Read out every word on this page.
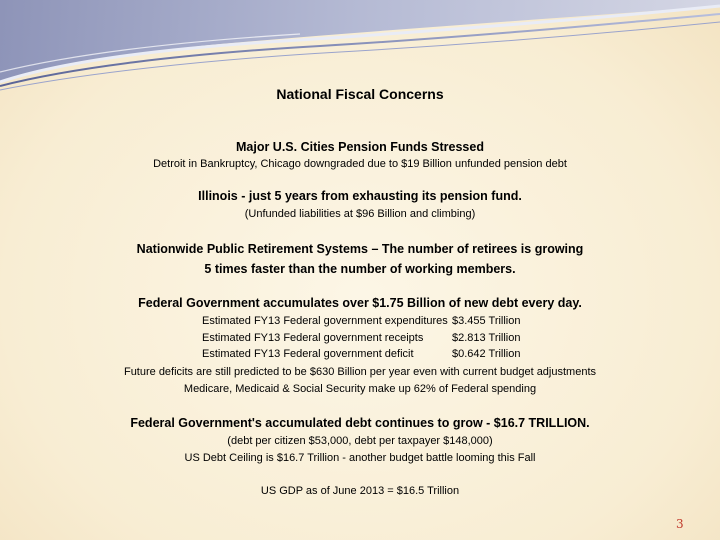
National Fiscal Concerns

Major U.S. Cities Pension Funds Stressed

Detroit in Bankruptcy, Chicago downgraded due to $19 Billion unfunded pension debt

Illinois - just 5 years from exhausting its pension fund.

(Unfunded liabilities at $96 Billion and climbing)

Nationwide Public Retirement Systems – The number of retirees is growing

5 times faster than the number of working members.

Federal Government accumulates over $1.75 Billion of new debt every day.

Estimated FY13 Federal government expenditures $3.455 Trillion
Estimated FY13 Federal government receipts	$2.813 Trillion
Estimated FY13 Federal government deficit	$0.642 Trillion

Future deficits are still predicted to be $630 Billion per year even with current budget adjustments

Medicare, Medicaid & Social Security make up 62% of Federal spending

Federal Government's accumulated debt continues to grow - $16.7 TRILLION.

(debt per citizen $53,000, debt per taxpayer $148,000)

US Debt Ceiling is $16.7 Trillion - another budget battle looming this Fall

US GDP as of June 2013 = $16.5 Trillion

3
